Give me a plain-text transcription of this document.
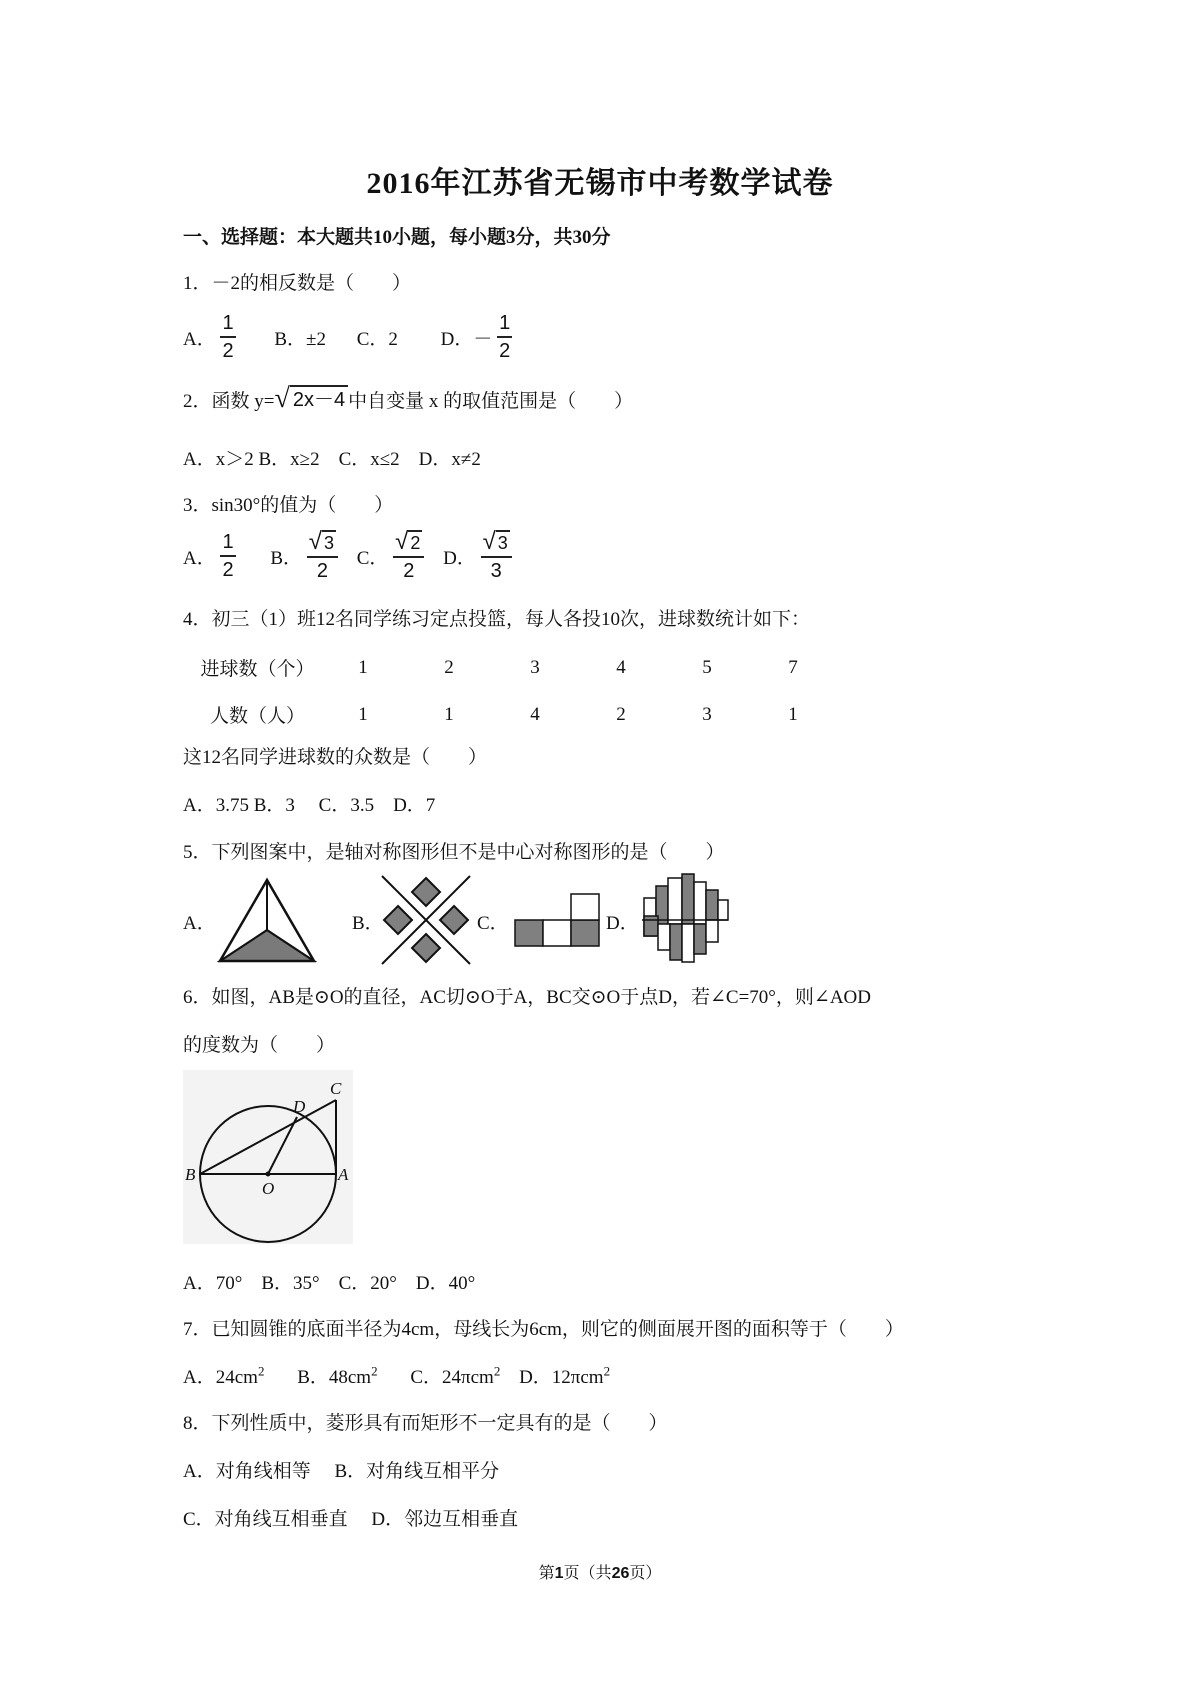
2016年江苏省无锡市中考数学试卷
一、选择题：本大题共10小题，每小题3分，共30分
1．－2的相反数是（　　）
A． $\frac{1}{2}$ B．±2 C．2 D．－ $\frac{1}{2}$
2．函数 y= √ 2x－4 中自变量 x 的取值范围是（　　）
A．x＞2 B．x≥2　C．x≤2　D．x≠2
3．sin30°的值为（　　）
A． $\frac{1}{2}$ B． $\frac{√ 3}{2}$ C． $\frac{√ 2}{2}$ D． $\frac{√ 3}{3}$
4．初三（1）班12名同学练习定点投篮，每人各投10次，进球数统计如下：
进球数（个）	1	2	3	4	5	7
人数（人）	1	1	4	2	3	1
这12名同学进球数的众数是（　　）
A．3.75 B．3　 C．3.5　D．7
5．下列图案中，是轴对称图形但不是中心对称图形的是（　　）
A．	B．	C．	D．
6．如图，AB是⊙O的直径，AC切⊙O于A，BC交⊙O于点D，若∠C=70°，则∠AOD
的度数为（　　）
B	A
C
D
O
A．70°　B．35°　C．20°　D．40°
7．已知圆锥的底面半径为4cm，母线长为6cm，则它的侧面展开图的面积等于（　　）
A．$24cm^2$ B．$48cm^2$ C．24πcm$^2$ D．12πcm$^2$
8．下列性质中，菱形具有而矩形不一定具有的是（　　）
A．对角线相等　 B．对角线互相平分
C．对角线互相垂直　 D．邻边互相垂直
第1页（共26页）
